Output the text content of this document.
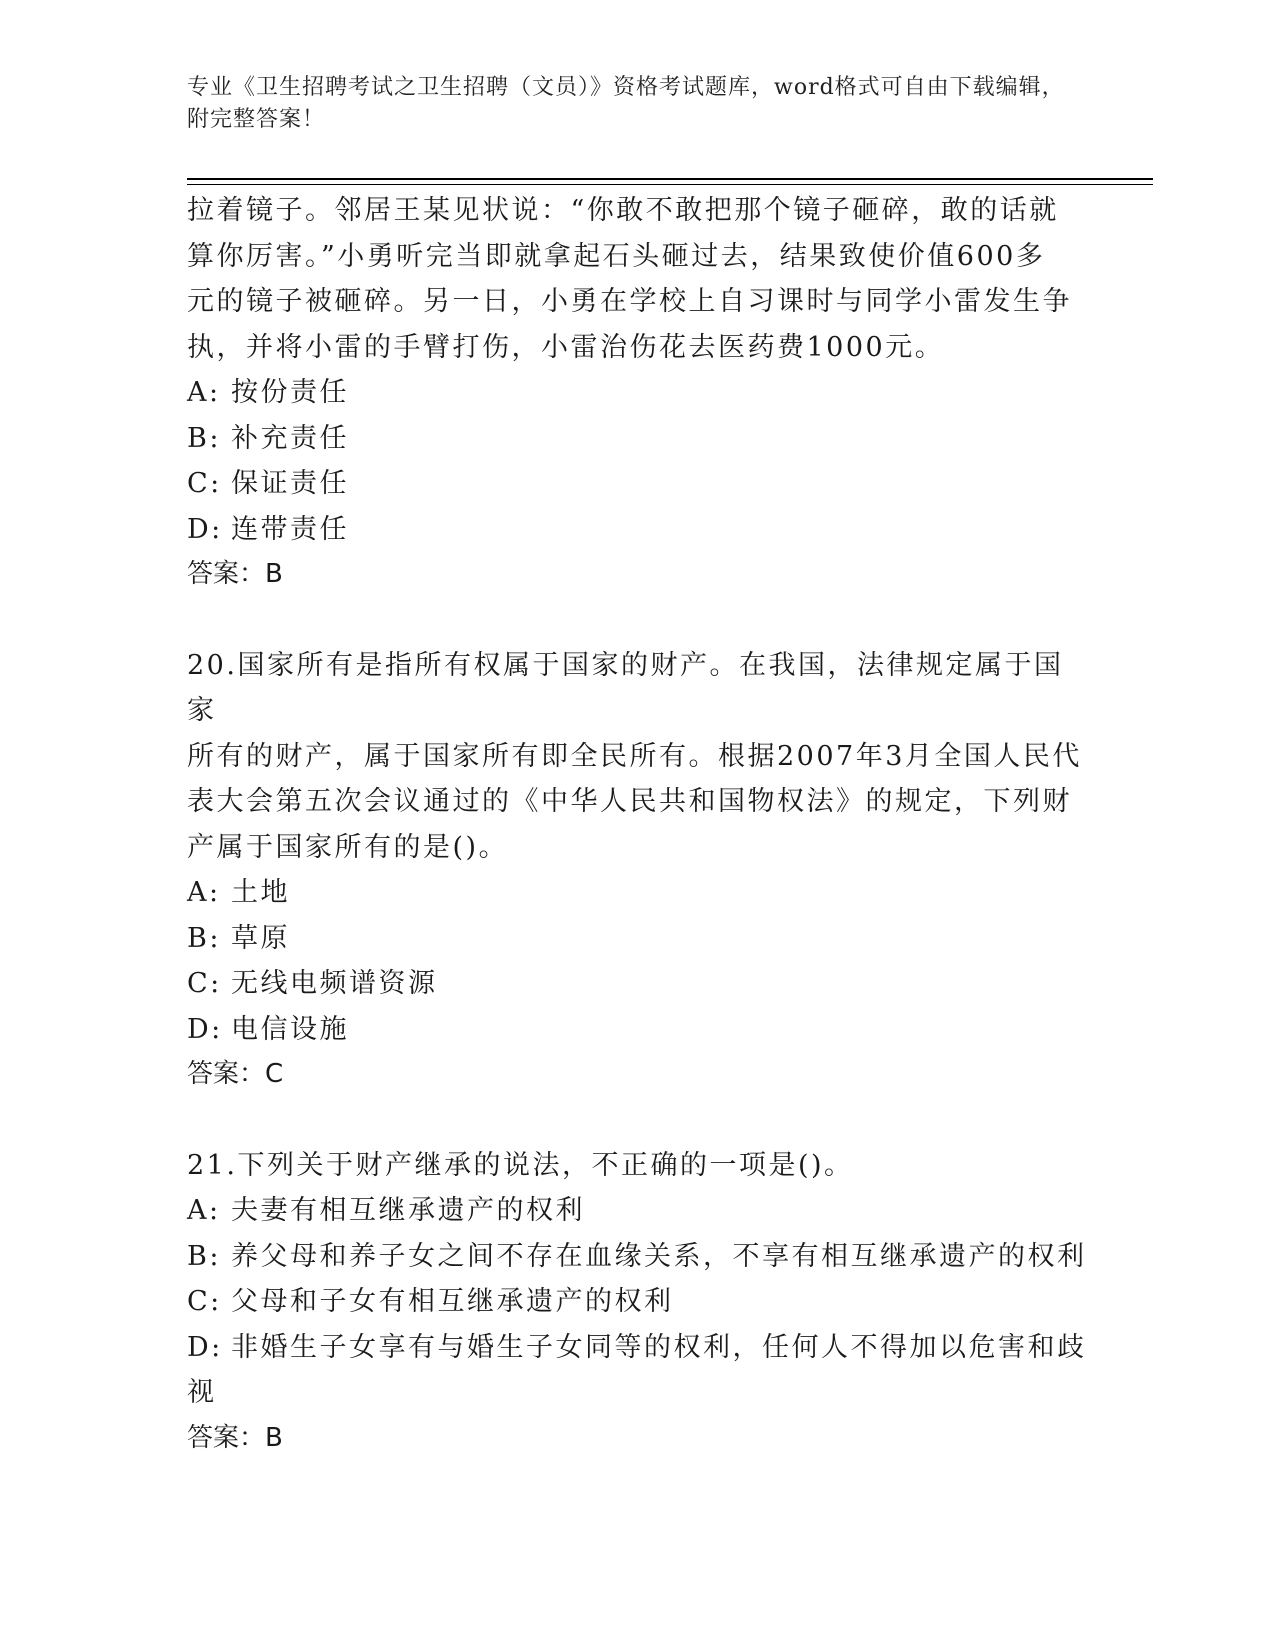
专业《卫生招聘考试之卫生招聘（文员）》资格考试题库，word格式可自由下载编辑，附完整答案！

拉着镜子。邻居王某见状说：“你敢不敢把那个镜子砸碎，敢的话就

算你厉害。”小勇听完当即就拿起石头砸过去，结果致使价值600多

元的镜子被砸碎。另一日，小勇在学校上自习课时与同学小雷发生争

执，并将小雷的手臂打伤，小雷治伤花去医药费1000元。

A: 按份责任

B: 补充责任

C: 保证责任

D: 连带责任

答案：B

20.国家所有是指所有权属于国家的财产。在我国，法律规定属于国家

所有的财产，属于国家所有即全民所有。根据2007年3月全国人民代

表大会第五次会议通过的《中华人民共和国物权法》的规定，下列财

产属于国家所有的是()。

A: 土地

B: 草原

C: 无线电频谱资源

D: 电信设施

答案：C

21.下列关于财产继承的说法，不正确的一项是()。

A: 夫妻有相互继承遗产的权利

B: 养父母和养子女之间不存在血缘关系，不享有相互继承遗产的权利

C: 父母和子女有相互继承遗产的权利

D: 非婚生子女享有与婚生子女同等的权利，任何人不得加以危害和歧

视

答案：B
